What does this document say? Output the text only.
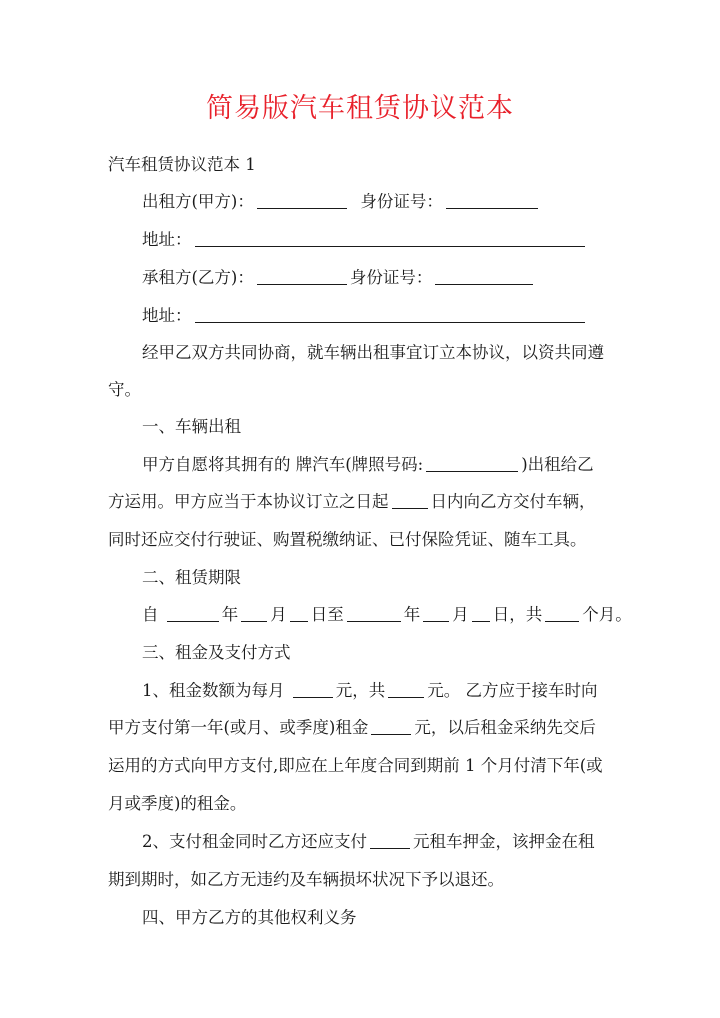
简易版汽车租赁协议范本
汽车租赁协议范本 1
出租方(甲方)：	身份证号：
地址：
承租方(乙方)：	身份证号：
地址：
经甲乙双方共同协商，就车辆出租事宜订立本协议，以资共同遵
守。
一、车辆出租
甲方自愿将其拥有的 牌汽车(牌照号码:	)出租给乙
方运用。甲方应当于本协议订立之日起	日内向乙方交付车辆，
同时还应交付行驶证、购置税缴纳证、已付保险凭证、随车工具。
二、租赁期限
自	年 月 日至	年 月 日，共 个月。
三、租金及支付方式
1、租金数额为每月	元，共	元。 乙方应于接车时向
甲方支付第一年(或月、或季度)租金	元，以后租金采纳先交后
运用的方式向甲方支付,即应在上年度合同到期前 1 个月付清下年(或
月或季度)的租金。
2、支付租金同时乙方还应支付	元租车押金，该押金在租
期到期时，如乙方无违约及车辆损坏状况下予以退还。
四、甲方乙方的其他权利义务
